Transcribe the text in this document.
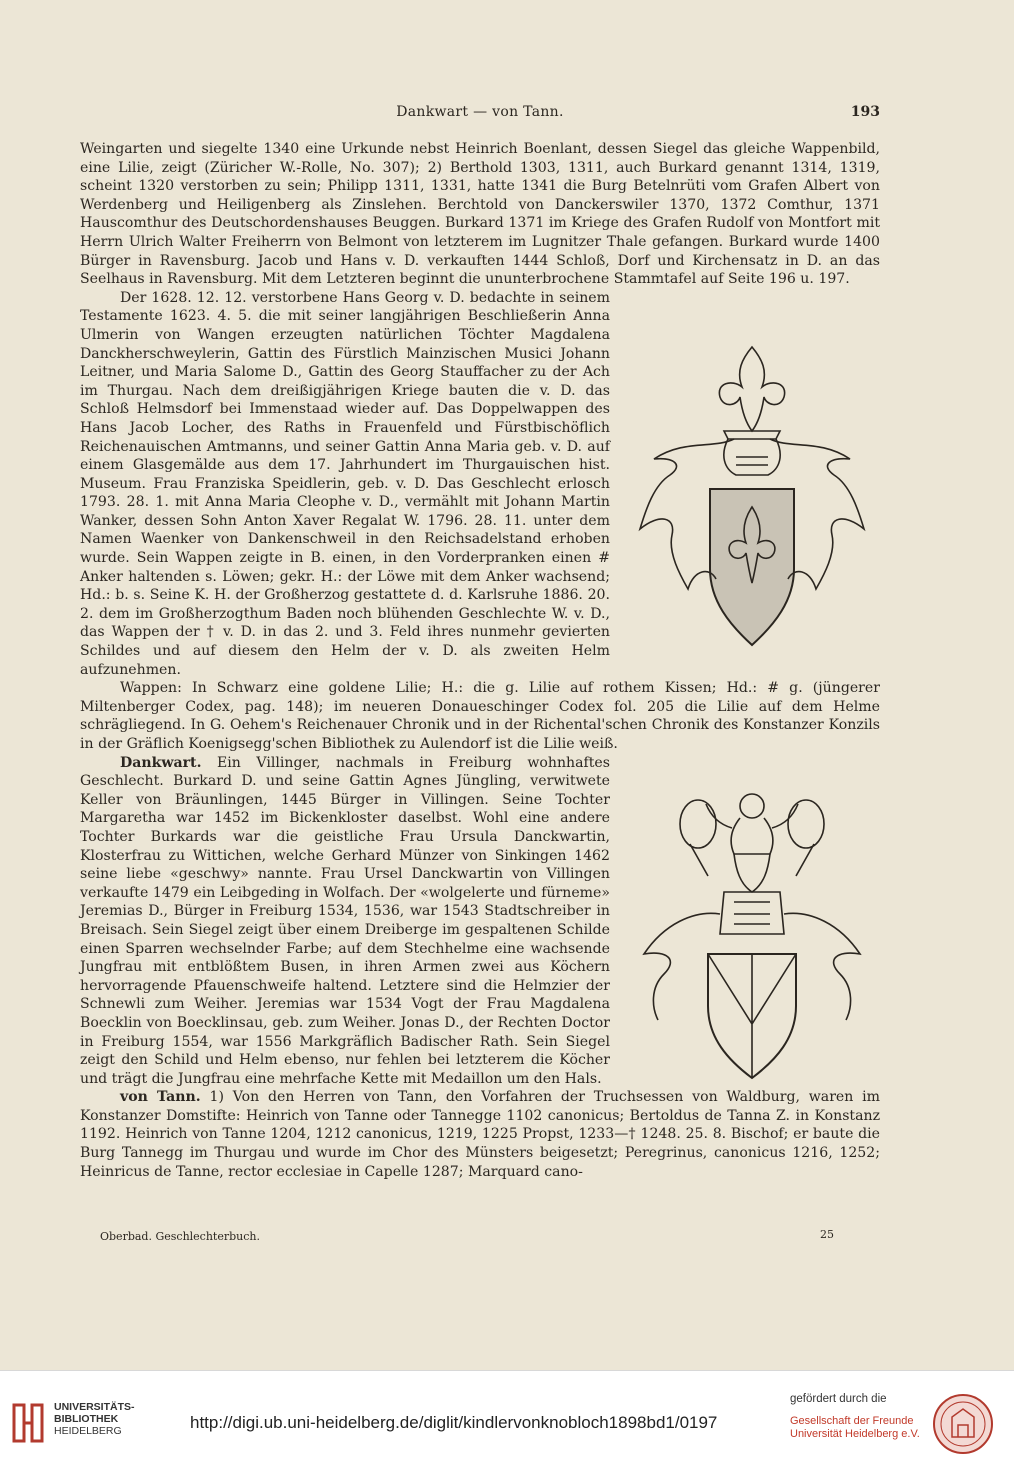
Dankwart — von Tann.	193

Weingarten und siegelte 1340 eine Urkunde nebst Heinrich Boenlant, dessen Siegel das gleiche Wappenbild, eine Lilie, zeigt (Züricher W.-Rolle, No. 307); 2) Berthold 1303, 1311, auch Burkard genannt 1314, 1319, scheint 1320 verstorben zu sein; Philipp 1311, 1331, hatte 1341 die Burg Betelnrüti vom Grafen Albert von Werdenberg und Heiligenberg als Zinslehen. Berchtold von Danckerswiler 1370, 1372 Comthur, 1371 Hauscomthur des Deutschordenshauses Beuggen. Burkard 1371 im Kriege des Grafen Rudolf von Montfort mit Herrn Ulrich Walter Freiherrn von Belmont von letzterem im Lugnitzer Thale gefangen. Burkard wurde 1400 Bürger in Ravensburg. Jacob und Hans v. D. verkauften 1444 Schloß, Dorf und Kirchensatz in D. an das Seelhaus in Ravensburg. Mit dem Letzteren beginnt die ununterbrochene Stammtafel auf Seite 196 u. 197.

Der 1628. 12. 12. verstorbene Hans Georg v. D. bedachte in seinem Testamente 1623. 4. 5. die mit seiner langjährigen Beschließerin Anna Ulmerin von Wangen erzeugten natürlichen Töchter Magdalena Danckherschweylerin, Gattin des Fürstlich Mainzischen Musici Johann Leitner, und Maria Salome D., Gattin des Georg Stauffacher zu der Ach im Thurgau. Nach dem dreißigjährigen Kriege bauten die v. D. das Schloß Helmsdorf bei Immenstaad wieder auf. Das Doppelwappen des Hans Jacob Locher, des Raths in Frauenfeld und Fürstbischöflich Reichenauischen Amtmanns, und seiner Gattin Anna Maria geb. v. D. auf einem Glasgemälde aus dem 17. Jahrhundert im Thurgauischen hist. Museum. Frau Franziska Speidlerin, geb. v. D. Das Geschlecht erlosch 1793. 28. 1. mit Anna Maria Cleophe v. D., vermählt mit Johann Martin Wanker, dessen Sohn Anton Xaver Regalat W. 1796. 28. 11. unter dem Namen Waenker von Dankenschweil in den Reichsadelstand erhoben wurde. Sein Wappen zeigte in B. einen, in den Vorderpranken einen # Anker haltenden s. Löwen; gekr. H.: der Löwe mit dem Anker wachsend; Hd.: b. s. Seine K. H. der Großherzog gestattete d. d. Karlsruhe 1886. 20. 2. dem im Großherzogthum Baden noch blühenden Geschlechte W. v. D., das Wappen der † v. D. in das 2. und 3. Feld ihres nunmehr gevierten Schildes und auf diesem den Helm der v. D. als zweiten Helm aufzunehmen.

Wappen: In Schwarz eine goldene Lilie; H.: die g. Lilie auf rothem Kissen; Hd.: # g. (jüngerer Miltenberger Codex, pag. 148); im neueren Donaueschinger Codex fol. 205 die Lilie auf dem Helme schrägliegend. In G. Oehem's Reichenauer Chronik und in der Richental'schen Chronik des Konstanzer Konzils in der Gräflich Koenigsegg'schen Bibliothek zu Aulendorf ist die Lilie weiß.

Dankwart. Ein Villinger, nachmals in Freiburg wohnhaftes Geschlecht. Burkard D. und seine Gattin Agnes Jüngling, verwitwete Keller von Bräunlingen, 1445 Bürger in Villingen. Seine Tochter Margaretha war 1452 im Bickenkloster daselbst. Wohl eine andere Tochter Burkards war die geistliche Frau Ursula Danckwartin, Klosterfrau zu Wittichen, welche Gerhard Münzer von Sinkingen 1462 seine liebe «geschwy» nannte. Frau Ursel Danckwartin von Villingen verkaufte 1479 ein Leibgeding in Wolfach. Der «wolgelerte und fürneme» Jeremias D., Bürger in Freiburg 1534, 1536, war 1543 Stadtschreiber in Breisach. Sein Siegel zeigt über einem Dreiberge im gespaltenen Schilde einen Sparren wechselnder Farbe; auf dem Stechhelme eine wachsende Jungfrau mit entblößtem Busen, in ihren Armen zwei aus Köchern hervorragende Pfauenschweife haltend. Letztere sind die Helmzier der Schnewli zum Weiher. Jeremias war 1534 Vogt der Frau Magdalena Boecklin von Boecklinsau, geb. zum Weiher. Jonas D., der Rechten Doctor in Freiburg 1554, war 1556 Markgräflich Badischer Rath. Sein Siegel zeigt den Schild und Helm ebenso, nur fehlen bei letzterem die Köcher und trägt die Jungfrau eine mehrfache Kette mit Medaillon um den Hals.

von Tann. 1) Von den Herren von Tann, den Vorfahren der Truchsessen von Waldburg, waren im Konstanzer Domstifte: Heinrich von Tanne oder Tannegge 1102 canonicus; Bertoldus de Tanna Z. in Konstanz 1192. Heinrich von Tanne 1204, 1212 canonicus, 1219, 1225 Propst, 1233—† 1248. 25. 8. Bischof; er baute die Burg Tannegg im Thurgau und wurde im Chor des Münsters beigesetzt; Peregrinus, canonicus 1216, 1252; Heinricus de Tanne, rector ecclesiae in Capelle 1287; Marquard cano-

Oberbad. Geschlechterbuch.	25
UNIVERSITÄTS-
BIBLIOTHEK
HEIDELBERG	http://digi.ub.uni-heidelberg.de/diglit/kindlervonknobloch1898bd1/0197
gefördert durch die
Gesellschaft der Freunde
Universität Heidelberg e.V.
